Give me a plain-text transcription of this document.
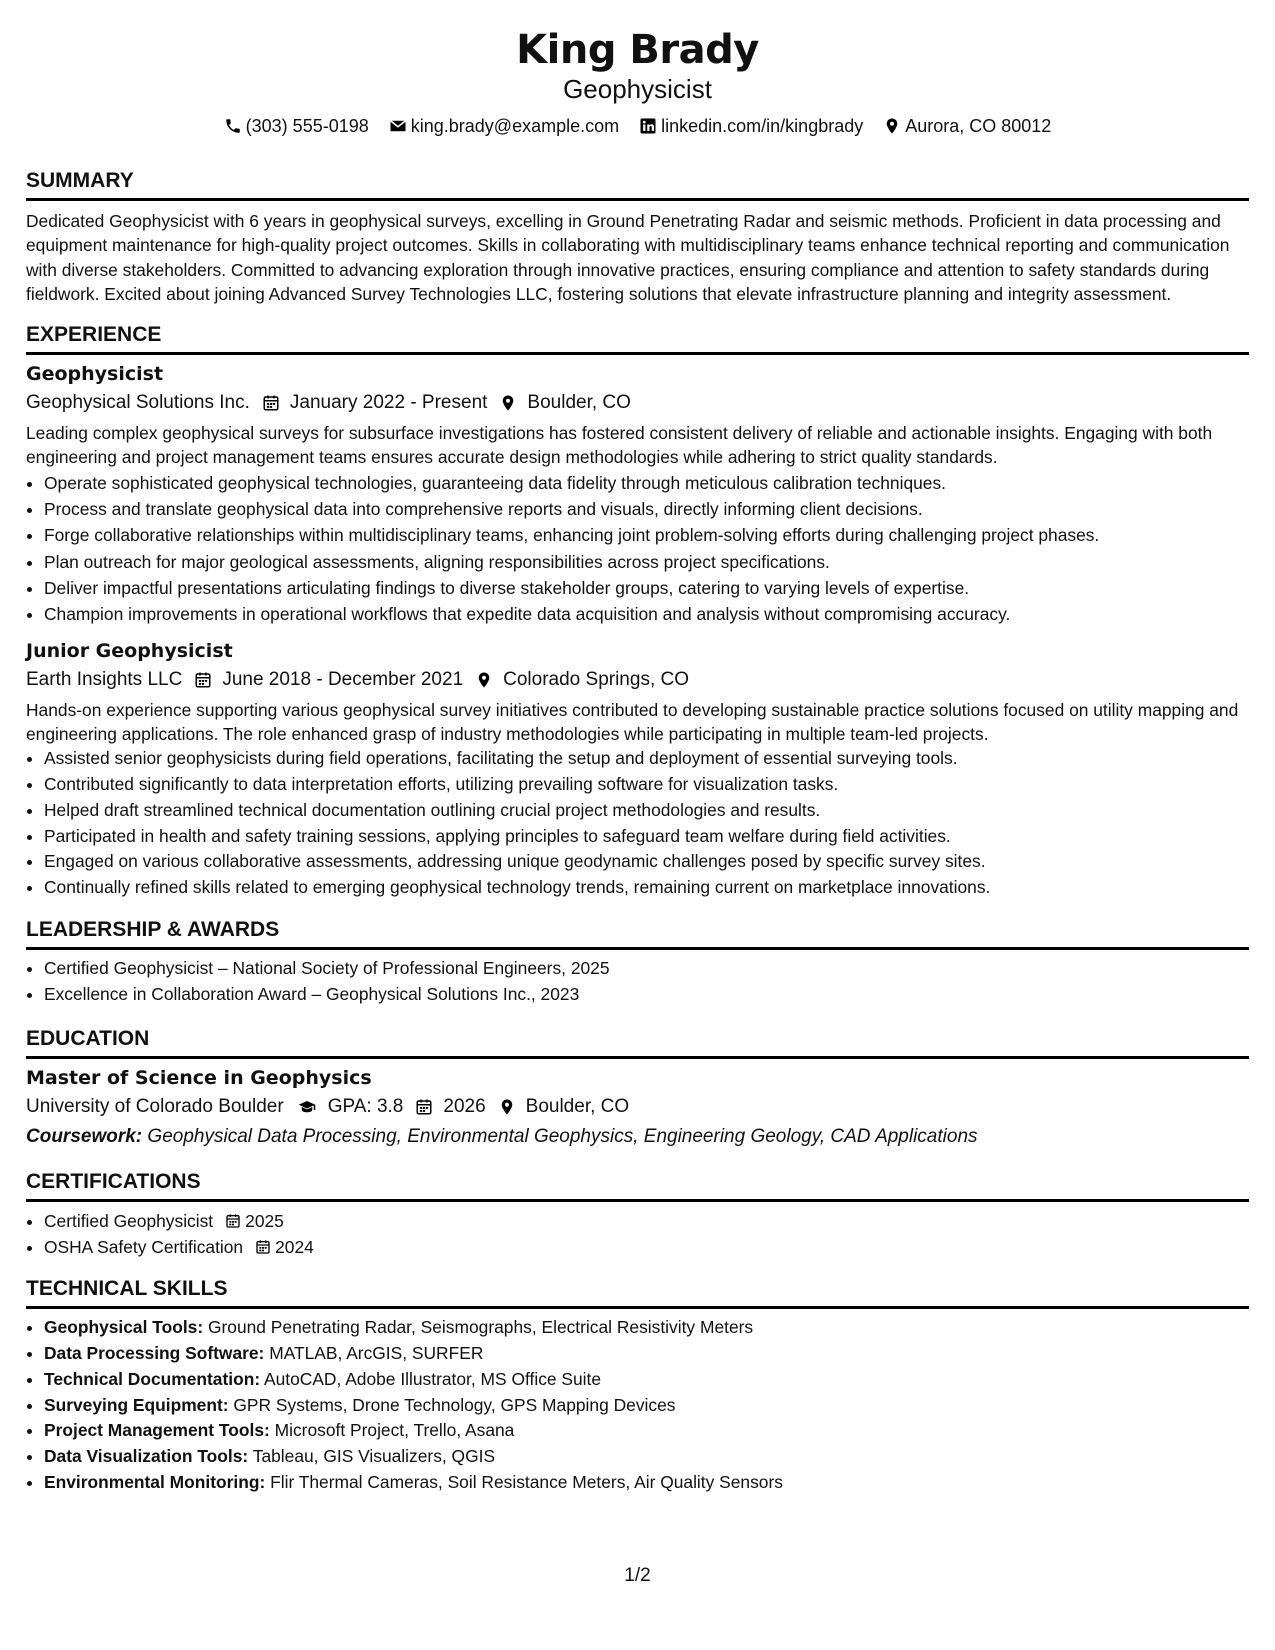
King Brady
Geophysicist
(303) 555-0198 king.brady@example.com linkedin.com/in/kingbrady Aurora, CO 80012
SUMMARY
Dedicated Geophysicist with 6 years in geophysical surveys, excelling in Ground Penetrating Radar and seismic methods. Proficient in data processing and equipment maintenance for high-quality project outcomes. Skills in collaborating with multidisciplinary teams enhance technical reporting and communication with diverse stakeholders. Committed to advancing exploration through innovative practices, ensuring compliance and attention to safety standards during fieldwork. Excited about joining Advanced Survey Technologies LLC, fostering solutions that elevate infrastructure planning and integrity assessment.
EXPERIENCE
Geophysicist
Geophysical Solutions Inc. January 2022 - Present Boulder, CO
Leading complex geophysical surveys for subsurface investigations has fostered consistent delivery of reliable and actionable insights. Engaging with both engineering and project management teams ensures accurate design methodologies while adhering to strict quality standards.
• Operate sophisticated geophysical technologies, guaranteeing data fidelity through meticulous calibration techniques.
• Process and translate geophysical data into comprehensive reports and visuals, directly informing client decisions.
• Forge collaborative relationships within multidisciplinary teams, enhancing joint problem-solving efforts during challenging project phases.
• Plan outreach for major geological assessments, aligning responsibilities across project specifications.
• Deliver impactful presentations articulating findings to diverse stakeholder groups, catering to varying levels of expertise.
• Champion improvements in operational workflows that expedite data acquisition and analysis without compromising accuracy.
Junior Geophysicist
Earth Insights LLC June 2018 - December 2021 Colorado Springs, CO
Hands-on experience supporting various geophysical survey initiatives contributed to developing sustainable practice solutions focused on utility mapping and engineering applications. The role enhanced grasp of industry methodologies while participating in multiple team-led projects.
• Assisted senior geophysicists during field operations, facilitating the setup and deployment of essential surveying tools.
• Contributed significantly to data interpretation efforts, utilizing prevailing software for visualization tasks.
• Helped draft streamlined technical documentation outlining crucial project methodologies and results.
• Participated in health and safety training sessions, applying principles to safeguard team welfare during field activities.
• Engaged on various collaborative assessments, addressing unique geodynamic challenges posed by specific survey sites.
• Continually refined skills related to emerging geophysical technology trends, remaining current on marketplace innovations.
LEADERSHIP & AWARDS
• Certified Geophysicist – National Society of Professional Engineers, 2025
• Excellence in Collaboration Award – Geophysical Solutions Inc., 2023
EDUCATION
Master of Science in Geophysics
University of Colorado Boulder GPA: 3.8 2026 Boulder, CO
Coursework: Geophysical Data Processing, Environmental Geophysics, Engineering Geology, CAD Applications
CERTIFICATIONS
• Certified Geophysicist 2025
• OSHA Safety Certification 2024
TECHNICAL SKILLS
• Geophysical Tools: Ground Penetrating Radar, Seismographs, Electrical Resistivity Meters
• Data Processing Software: MATLAB, ArcGIS, SURFER
• Technical Documentation: AutoCAD, Adobe Illustrator, MS Office Suite
• Surveying Equipment: GPR Systems, Drone Technology, GPS Mapping Devices
• Project Management Tools: Microsoft Project, Trello, Asana
• Data Visualization Tools: Tableau, GIS Visualizers, QGIS
• Environmental Monitoring: Flir Thermal Cameras, Soil Resistance Meters, Air Quality Sensors
1/2
